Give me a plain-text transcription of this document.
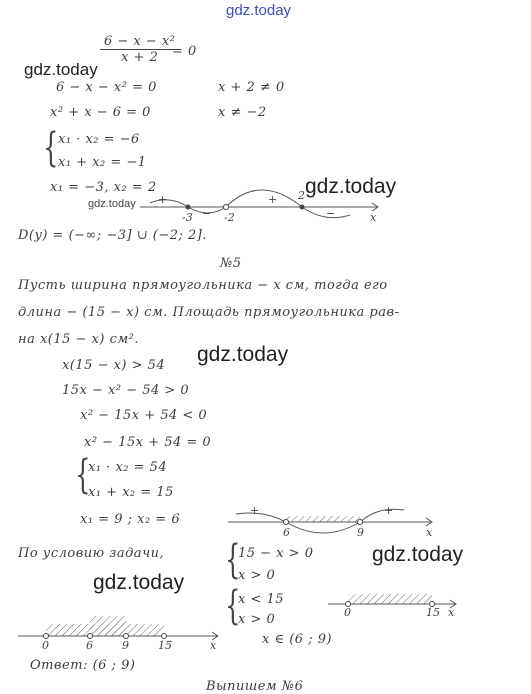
gdz.today
gdz.today
gdz.today
gdz.today
gdz.today
gdz.today
gdz.today
$\frac{\text{6 − x − x²}}{x + 2}$
= 0
6 − x − x² = 0	x + 2 ≠ 0
x² + x − 6 = 0	x ≠ −2
{ x₁ · x₂ = −6
x₁ + x₂ = −1
x₁ = −3, x₂ = 2
+
−
+
−
-3	-2
2
x
D(y) = (−∞; −3] ∪ (−2; 2].
№5
Пусть ширина прямоугольника − x см, тогда его
длина − (15 − x) см. Площадь прямоугольника рав-
на x(15 − x) см².
x(15 − x) > 54
15x − x² − 54 > 0
x² − 15x + 54 < 0
x² − 15x + 54 = 0
{
x₁ · x₂ = 54
x₁ + x₂ = 15
x₁ = 9 ; x₂ = 6
+	+
6	9	x
По условию задачи, {
15 − x > 0
x > 0
{
x < 15
x > 0	0	15 x
0	6	9	15	x	x ∈ (6 ; 9)
Ответ: (6 ; 9)
Выпишем №6
